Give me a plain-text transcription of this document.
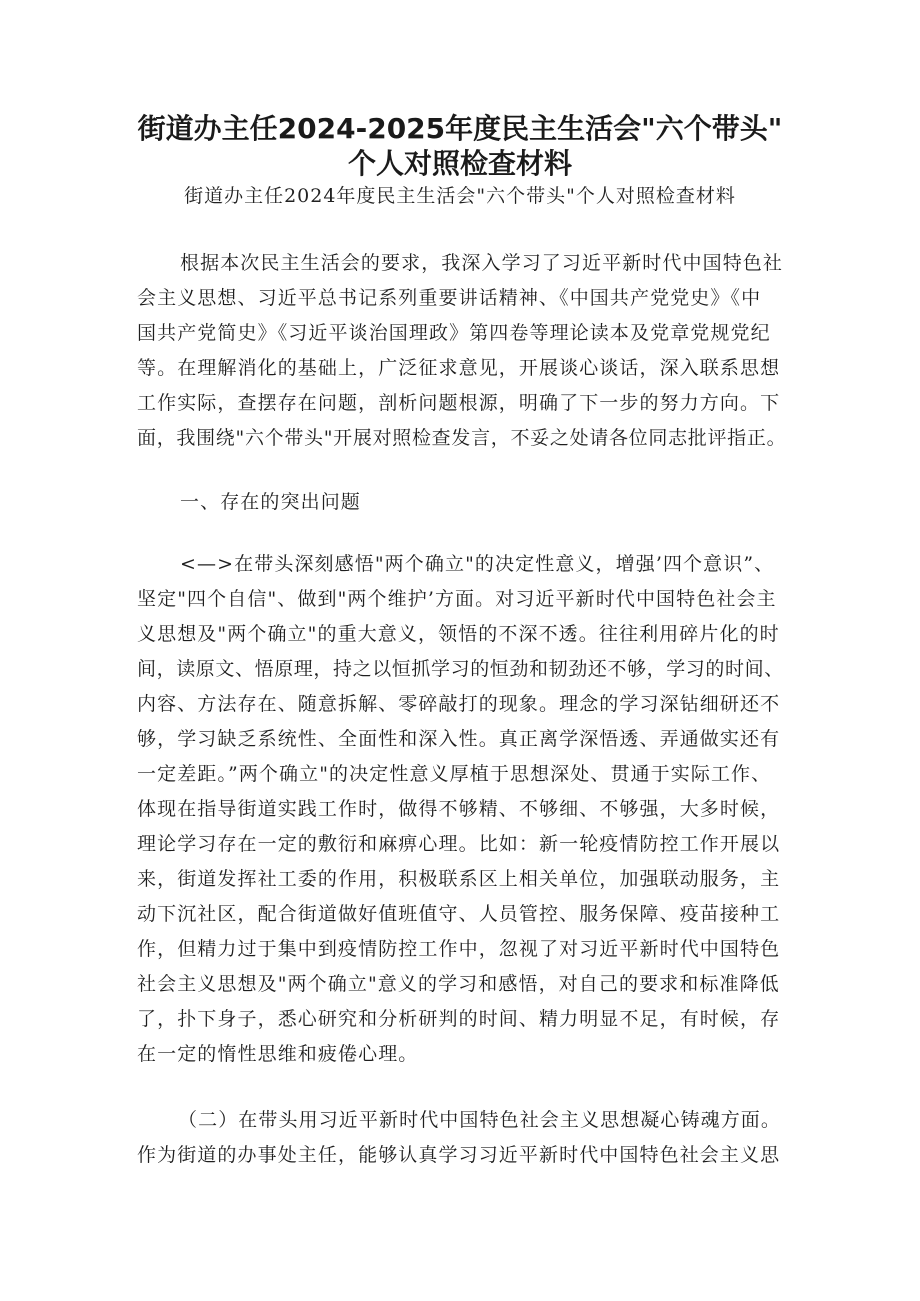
街道办主任2024-2025年度民主生活会"六个带头"
个人对照检查材料
街道办主任2024年度民主生活会"六个带头"个人对照检查材料
根据本次民主生活会的要求，我深入学习了习近平新时代中国特色社
会主义思想、习近平总书记系列重要讲话精神、《中国共产党党史》《中
国共产党简史》《习近平谈治国理政》第四卷等理论读本及党章党规党纪
等。在理解消化的基础上，广泛征求意见，开展谈心谈话，深入联系思想
工作实际，查摆存在问题，剖析问题根源，明确了下一步的努力方向。下
面，我围绕"六个带头"开展对照检查发言，不妥之处请各位同志批评指正。
一、存在的突出问题
<—>在带头深刻感悟"两个确立"的决定性意义，增强’四个意识”、
坚定"四个自信"、做到"两个维护’方面。对习近平新时代中国特色社会主
义思想及"两个确立"的重大意义，领悟的不深不透。往往利用碎片化的时
间，读原文、悟原理，持之以恒抓学习的恒劲和韧劲还不够，学习的时间、
内容、方法存在、随意拆解、零碎敲打的现象。理念的学习深钻细研还不
够，学习缺乏系统性、全面性和深入性。真正离学深悟透、弄通做实还有
一定差距。”两个确立"的决定性意义厚植于思想深处、贯通于实际工作、
体现在指导街道实践工作时，做得不够精、不够细、不够强，大多时候，
理论学习存在一定的敷衍和麻痹心理。比如：新一轮疫情防控工作开展以
来，街道发挥社工委的作用，积极联系区上相关单位，加强联动服务，主
动下沉社区，配合街道做好值班值守、人员管控、服务保障、疫苗接种工
作，但精力过于集中到疫情防控工作中，忽视了对习近平新时代中国特色
社会主义思想及"两个确立"意义的学习和感悟，对自己的要求和标准降低
了，扑下身子，悉心研究和分析研判的时间、精力明显不足，有时候，存
在一定的惰性思维和疲倦心理。
（二）在带头用习近平新时代中国特色社会主义思想凝心铸魂方面。
作为街道的办事处主任，能够认真学习习近平新时代中国特色社会主义思
